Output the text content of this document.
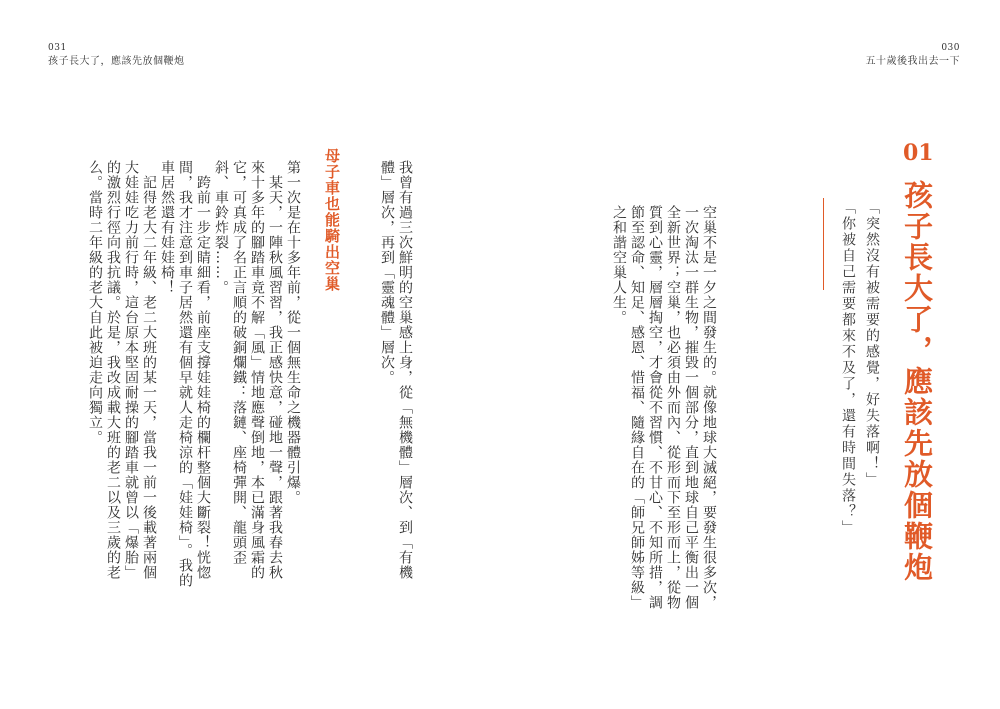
031
孩子長大了，應該先放個鞭炮
我曾有過三次鮮明的空巢感上身，從「無機體」層次、到「有機體」層次，再到「靈魂體」層次。
母子車也能騎出空巢
第一次是在十多年前，從一個無生命之機器體引爆。
　某天，一陣秋風習習，我正感快意，碰地一聲，跟著我春去秋來十多年的腳踏車竟不解「風」情地應聲倒地，本已滿身風霜的它，可真成了名正言順的破銅爛鐵：落鏈、座椅彈開、龍頭歪斜、車鈴炸裂……。
　跨前一步定睛細看，前座支撐娃娃椅的欄杆整個大斷裂！恍惚間，我才注意到車子居然還有個早就人走椅涼的「娃娃椅」。我的車居然還有娃娃椅！
　記得老大二年級、老二大班的某一天，當我一前一後載著兩個大娃娃吃力前行時，這台原本堅固耐操的腳踏車就曾以「爆胎」的激烈行徑向我抗議。於是，我改成載大班的老二以及三歲的老么。當時二年級的老大自此被迫走向獨立。
030
五十歲後我出去一下
01
孩子長大了，應該先放個鞭炮
「突然沒有被需要的感覺，好失落啊！」
「你被自己需要都來不及了，還有時間失落？」
空巢不是一夕之間發生的。就像地球大滅絕，要發生很多次，一次淘汰一群生物，摧毀一個部分，直到地球自己平衡出一個全新世界；空巢，也必須由外而內、從形而下至形而上，從物質到心靈，層層掏空，才會從不習慣、不甘心、不知所措，調節至認命、知足、感恩、惜福、隨緣自在的「師兄師姊等級」之和諧空巢人生。
